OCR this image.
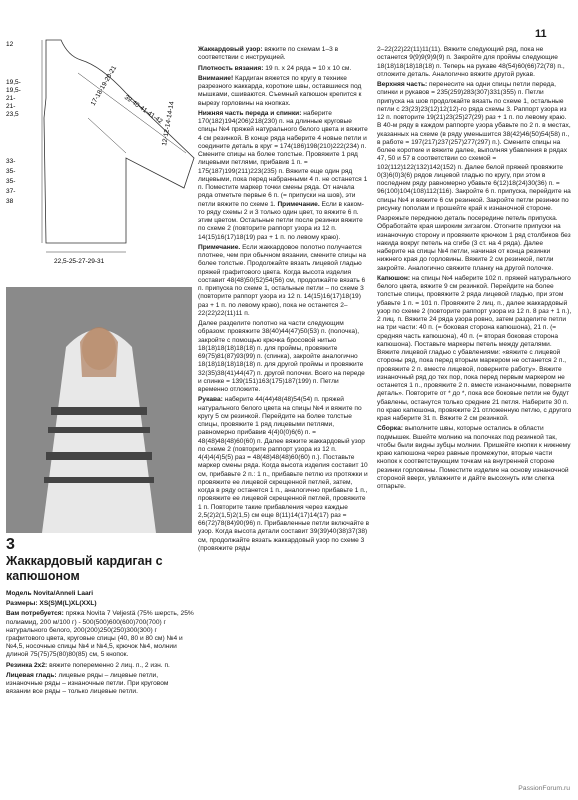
11
12
19,5-
19,5-
21-
21-
23,5
33-
35-
35-
37-
38
39-40-41-41-42
17-18-19-20-21
12-12-14-14-14
22,5-25-27-29-31
3
Жаккардовый кардиган с капюшоном
Модель Novita/Anneli Laari
Размеры: XS(S)M(L)XL(XXL)
Вам потребуется: пряжа Novita 7 Veljestä (75% шерсть, 25% полиамид, 200 м/100 г) - 500(500)600(600)700(700) г натурального белого, 200(200)250(250)300(300) г графитового цвета, круговые спицы (40, 80 и 80 см) №4 и №4,5, носочные спицы №4 и №4,5, крючок №4, молнии длиной 75(75)75(80)80(85) см, 5 кнопок.
Резинка 2х2: вяжите попеременно 2 лиц. п., 2 изн. п.
Лицевая гладь: лицевые ряды – лицевые петли, изнаночные ряды – изнаночные петли. При круговом вязании все ряды – только лицевые петли.
Жаккардовый узор: вяжите по схемам 1–3 в соответствии с инструкцией.
Плотность вязания: 19 п. х 24 ряда = 10 х 10 см.
Внимание! Кардиган вяжется по кругу в технике разрезного жаккарда, короткие швы, оставшиеся под мышками, сшиваются. Съемный капюшон крепится к вырезу горловины на кнопках.
Нижняя часть переда и спинки: наберите 170(182)194(206)218(230) п. на длинные круговые спицы №4 пряжей натурального белого цвета и вяжите 4 см резинкой. В конце ряда наберите 4 новые петли и соедините деталь в круг = 174(186)198(210)222(234) п. Смените спицы на более толстые. Провяжите 1 ряд лицевыми петлями, прибавив 1 п. = 175(187)199(211)223(235) п. Вяжите еще один ряд лицевыми, пока перед набранными 4 п. не останется 1 п. Поместите маркер точки смены ряда. От начала ряда отметьте первые 6 п. (= припуски на шов), эти петли вяжите по схеме 1. Примечание. Если в каком-то ряду схемы 2 и 3 только один цвет, то вяжите 6 п. этим цветом. Остальные петли после резинки вяжите по схеме 2 (повторите раппорт узора из 12 п. 14(15)16(17)18(19) раз + 1 п. по левому краю).
Примечание. Если жаккардовое полотно получается плотнее, чем при обычном вязании, смените спицы на более толстые. Продолжайте вязать лицевой гладью пряжей графитового цвета. Когда высота изделия составит 48(48)50(52)54(56) см, продолжайте вязать 6 п. припуска по схеме 1, остальные петли – по схеме 3 (повторите раппорт узора из 12 п. 14(15)16(17)18(19) раз + 1 п. по левому краю), пока не останется 2–22(22)22(11)11 п.
Далее разделите полотно на части следующим образом: провяжите 38(40)44(47)50(53) п. (полочка), закройте с помощью крючка бросовой нитью 18(18)18(18)18(18) п. для проймы, провяжите 69(75)81(87)93(99) п. (спинка), закройте аналогично 18(18)18(18)18(18) п. для другой проймы и провяжите 32(35)38(41)44(47) п. другой полочки. Всего на переде и спинке = 139(151)163(175)187(199) п. Петли временно отложите.
Рукава: наберите 44(44)48(48)54(54) п. пряжей натурального белого цвета на спицы №4 и вяжите по кругу 5 см резинкой. Перейдите на более толстые спицы, провяжите 1 ряд лицевыми петлями, равномерно прибавив 4(4)0(0)6(6) п. = 48(48)48(48)60(60) п. Далее вяжите жаккардовый узор по схеме 2 (повторите раппорт узора из 12 п. 4(4)4(4)5(5) раз = 48(48)48(48)60(60) п.). Поставьте маркер смены ряда. Когда высота изделия составит 10 см, прибавьте 2 п.: 1 п., прибавьте петлю из протяжки и провяжите ее лицевой скрещенной петлей, затем, когда в ряду останется 1 п., аналогично прибавьте 1 п., провяжите ее лицевой скрещенной петлей, провяжите 1 п. Повторите такие прибавления через каждые 2,5(2)2(1,5)2(1,5) см еще 8(11)14(17)14(17) раз = 66(72)78(84)90(96) п. Прибавленные петли включайте в узор. Когда высота детали составит 39(39)40(38)37(38) см, продолжайте вязать жаккардовый узор по схеме 3 (провяжите ряды
2–22(22)22(11)11(11). Вяжите следующий ряд, пока не останется 9(9)9(9)9(9) п. Закройте для проймы следующие 18(18)18(18)18(18) п. Теперь на рукаве 48(54)60(66)72(78) п., отложите деталь. Аналогично вяжите другой рукав.
Верхняя часть: перенесите на одни спицы петли переда, спинки и рукавов = 235(259)283(307)331(355) п. Петли припуска на шов продолжайте вязать по схеме 1, остальные петли с 23(23)23(12)12(12)-го ряда схемы 3. Раппорт узора из 12 п. повторите 19(21)23(25)27(29) раз + 1 п. по левому краю. В 40-м ряду в каждом раппорте узора убавьте по 2 п. в местах, указанных на схеме (в ряду уменьшится 38(42)46(50)54(58) п., в работе = 197(217)237(257)277(297) п.). Смените спицы на более короткие и вяжите далее, выполняя убавления в рядах 47, 50 и 57 в соответствии со схемой = 102(112)122(132)142(152) п. Далее белой пряжей провяжите 0(3)6(0)3(6) рядов лицевой гладью по кругу, при этом в последнем ряду равномерно убавьте 6(12)18(24)30(36) п. = 96(100)104(108)112(116). Закройте 6 п. припуска, перейдите на спицы №4 и вяжите 6 см резинкой. Закройте петли резинки по рисунку пополам и прошейте край к изнаночной стороне.
Разрежьте переднюю деталь посередине петель припуска. Обработайте края широким зигзагом. Отогните припуски на изнаночную сторону и провяжите крючком 1 ряд столбиков без накида вокруг петель на сгибе (3 ст. на 4 ряда). Далее наберите на спицы №4 петли, начиная от конца резинки нижнего края до горловины. Вяжите 2 см резинкой, петли закройте. Аналогично свяжите планку на другой полочке.
Капюшон: на спицы №4 наберите 102 п. пряжей натурального белого цвета, вяжите 9 см резинкой. Перейдите на более толстые спицы, провяжите 2 ряда лицевой гладью, при этом убавьте 1 п. = 101 п. Провяжите 2 лиц. п., далее жаккардовый узор по схеме 2 (повторите раппорт узора из 12 п. 8 раз + 1 п.), 2 лиц. п. Вяжите 24 ряда узора ровно, затем разделите петли на три части: 40 п. (= боковая сторона капюшона), 21 п. (= средняя часть капюшона), 40 п. (= вторая боковая сторона капюшона). Поставьте маркеры петель между деталями. Вяжите лицевой гладью с убавлениями: «вяжите с лицевой стороны ряд, пока перед вторым маркером не останется 2 п., провяжите 2 п. вместе лицевой, поверните работу». Вяжите изнаночный ряд до тех пор, пока перед первым маркером не останется 1 п., провяжите 2 п. вместе изнаночными, поверните деталь». Повторите от * до *, пока все боковые петли не будут убавлены, останутся только средние 21 петля. Наберите 30 п. по краю капюшона, провяжите 21 отложенную петлю, с другого края наберите 31 п. Вяжите 2 см резинкой.
Сборка: выполните швы, которые остались в области подмышек. Вшейте молнию на полочках под резинкой так, чтобы были видны зубцы молнии. Пришейте кнопки к нижнему краю капюшона через равные промежутки, вторые части кнопок к соответствующим точкам на внутренней стороне резинки горловины. Поместите изделие на основу изнаночной стороной вверх, увлажните и дайте высохнуть или слегка отпарьте.
PassionForum.ru
